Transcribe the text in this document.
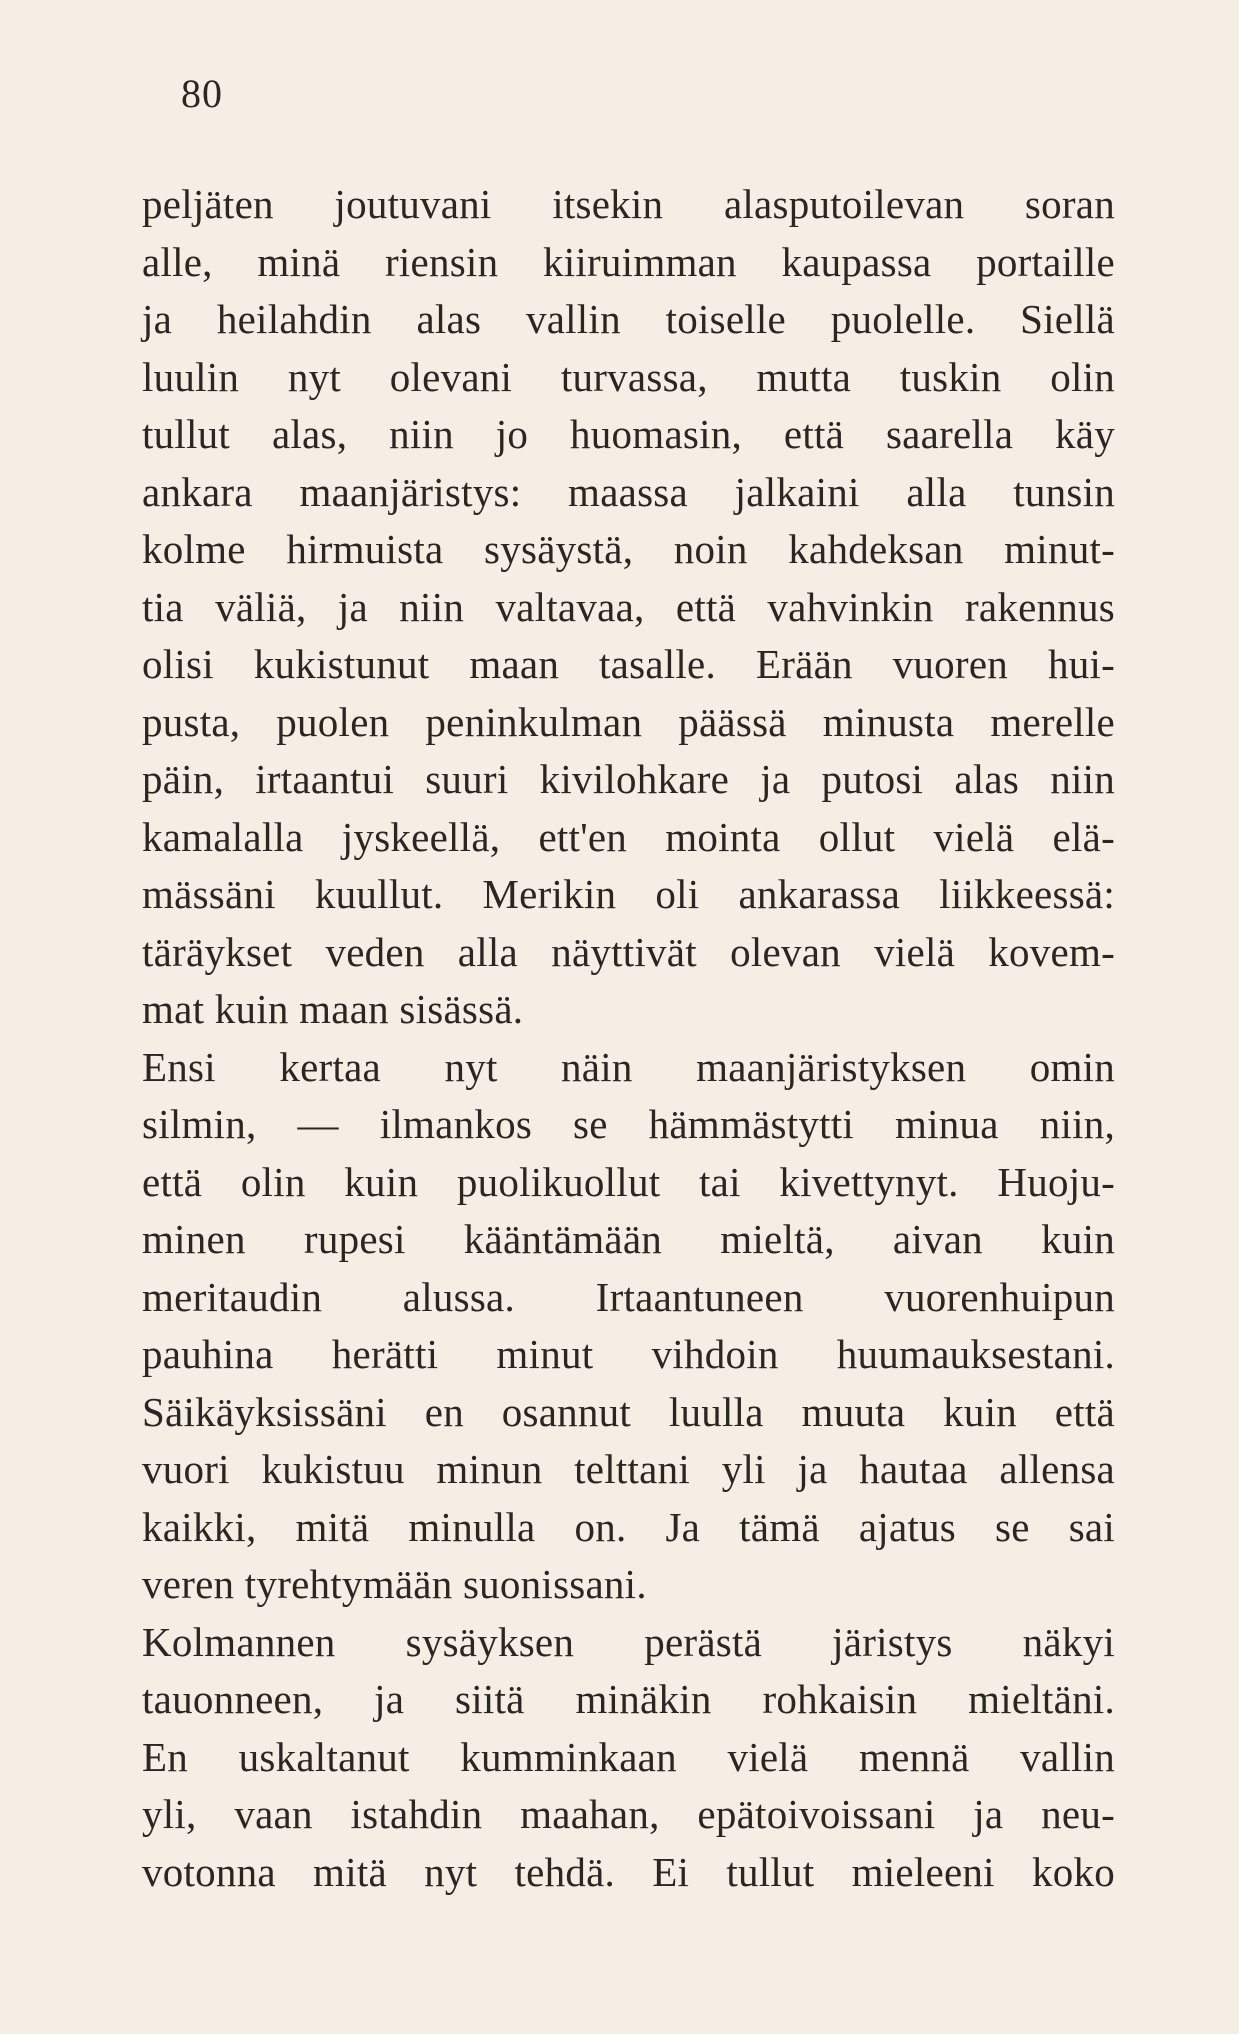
80
peljäten joutuvani itsekin alasputoilevan soran
alle, minä riensin kiiruimman kaupassa portaille
ja heilahdin alas vallin toiselle puolelle. Siellä
luulin nyt olevani turvassa, mutta tuskin olin
tullut alas, niin jo huomasin, että saarella käy
ankara maanjäristys: maassa jalkaini alla tunsin
kolme hirmuista sysäystä, noin kahdeksan minut-
tia väliä, ja niin valtavaa, että vahvinkin rakennus
olisi kukistunut maan tasalle. Erään vuoren hui-
pusta, puolen peninkulman päässä minusta merelle
päin, irtaantui suuri kivilohkare ja putosi alas niin
kamalalla jyskeellä, ett'en mointa ollut vielä elä-
mässäni kuullut. Merikin oli ankarassa liikkeessä:
täräykset veden alla näyttivät olevan vielä kovem-
mat kuin maan sisässä.
Ensi kertaa nyt näin maanjäristyksen omin
silmin, — ilmankos se hämmästytti minua niin,
että olin kuin puolikuollut tai kivettynyt. Huoju-
minen rupesi kääntämään mieltä, aivan kuin
meritaudin alussa. Irtaantuneen vuorenhuipun
pauhina herätti minut vihdoin huumauksestani.
Säikäyksissäni en osannut luulla muuta kuin että
vuori kukistuu minun telttani yli ja hautaa allensa
kaikki, mitä minulla on. Ja tämä ajatus se sai
veren tyrehtymään suonissani.
Kolmannen sysäyksen perästä järistys näkyi
tauonneen, ja siitä minäkin rohkaisin mieltäni.
En uskaltanut kumminkaan vielä mennä vallin
yli, vaan istahdin maahan, epätoivoissani ja neu-
votonna mitä nyt tehdä. Ei tullut mieleeni koko
